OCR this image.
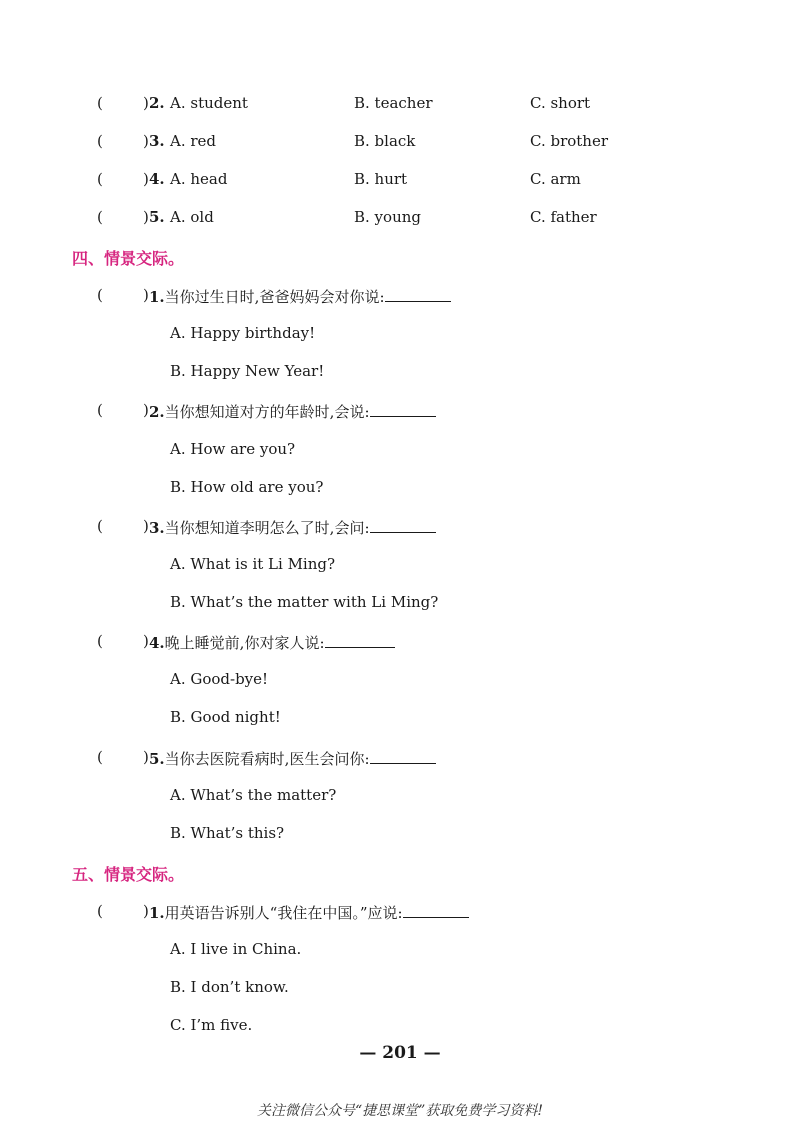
(	) 2. A. student	B. teacher	C. short
(	) 3. A. red	B. black	C. brother
(	) 4. A. head	B. hurt	C. arm
(	) 5. A. old	B. young	C. father
四、情景交际。
(	) 1.当你过生日时,爸爸妈妈会对你说:
A. Happy birthday!
B. Happy New Year!
(	) 2.当你想知道对方的年龄时,会说:
A. How are you?
B. How old are you?
(	) 3.当你想知道李明怎么了时,会问:
A. What is it Li Ming?
B. What’s the matter with Li Ming?
(	) 4.晚上睡觉前,你对家人说:
A. Good-bye!
B. Good night!
(	) 5.当你去医院看病时,医生会问你:
A. What’s the matter?
B. What’s this?
五、情景交际。
(	) 1.用英语告诉别人“我住在中国。”应说:
A. I live in China.
B. I don’t know.
C. I’m five.
— 201 —
关注微信公众号“捷思课堂”获取免费学习资料!
